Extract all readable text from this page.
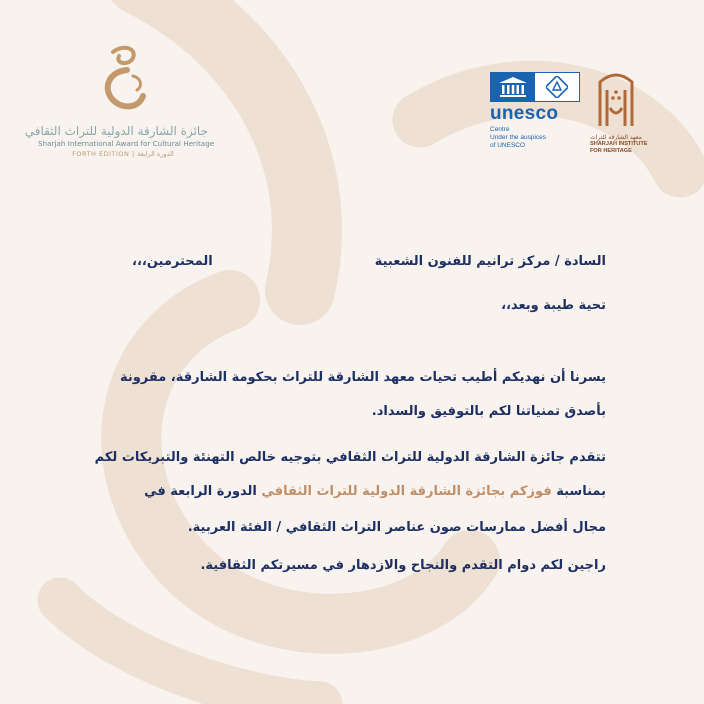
جائزة الشارقة الدولية للتراث الثقافي
Sharjah International Award for Cultural Heritage
FORTH EDITION | الدورة الرابعة
unesco
Centre
Under the auspices
of UNESCO
معهد الشارقة للتراث
SHARJAH INSTITUTE
FOR HERITAGE
السادة / مركز ترانيم للفنون الشعبية
المحترمين،،،
تحية طيبة وبعد،،
يسرنا أن نهديكم أطيب تحيات معهد الشارقة للتراث بحكومة الشارقة، مقرونة
بأصدق تمنياتنا لكم بالتوفيق والسداد.
تتقدم جائزة الشارقة الدولية للتراث الثقافي بتوجيه خالص التهنئة والتبريكات لكم
بمناسبة فوزكم بجائزة الشارقة الدولية للتراث الثقافي الدورة الرابعة في
مجال أفضل ممارسات صون عناصر التراث الثقافي / الفئة العربية.
راجين لكم دوام التقدم والنجاح والازدهار في مسيرتكم الثقافية.
